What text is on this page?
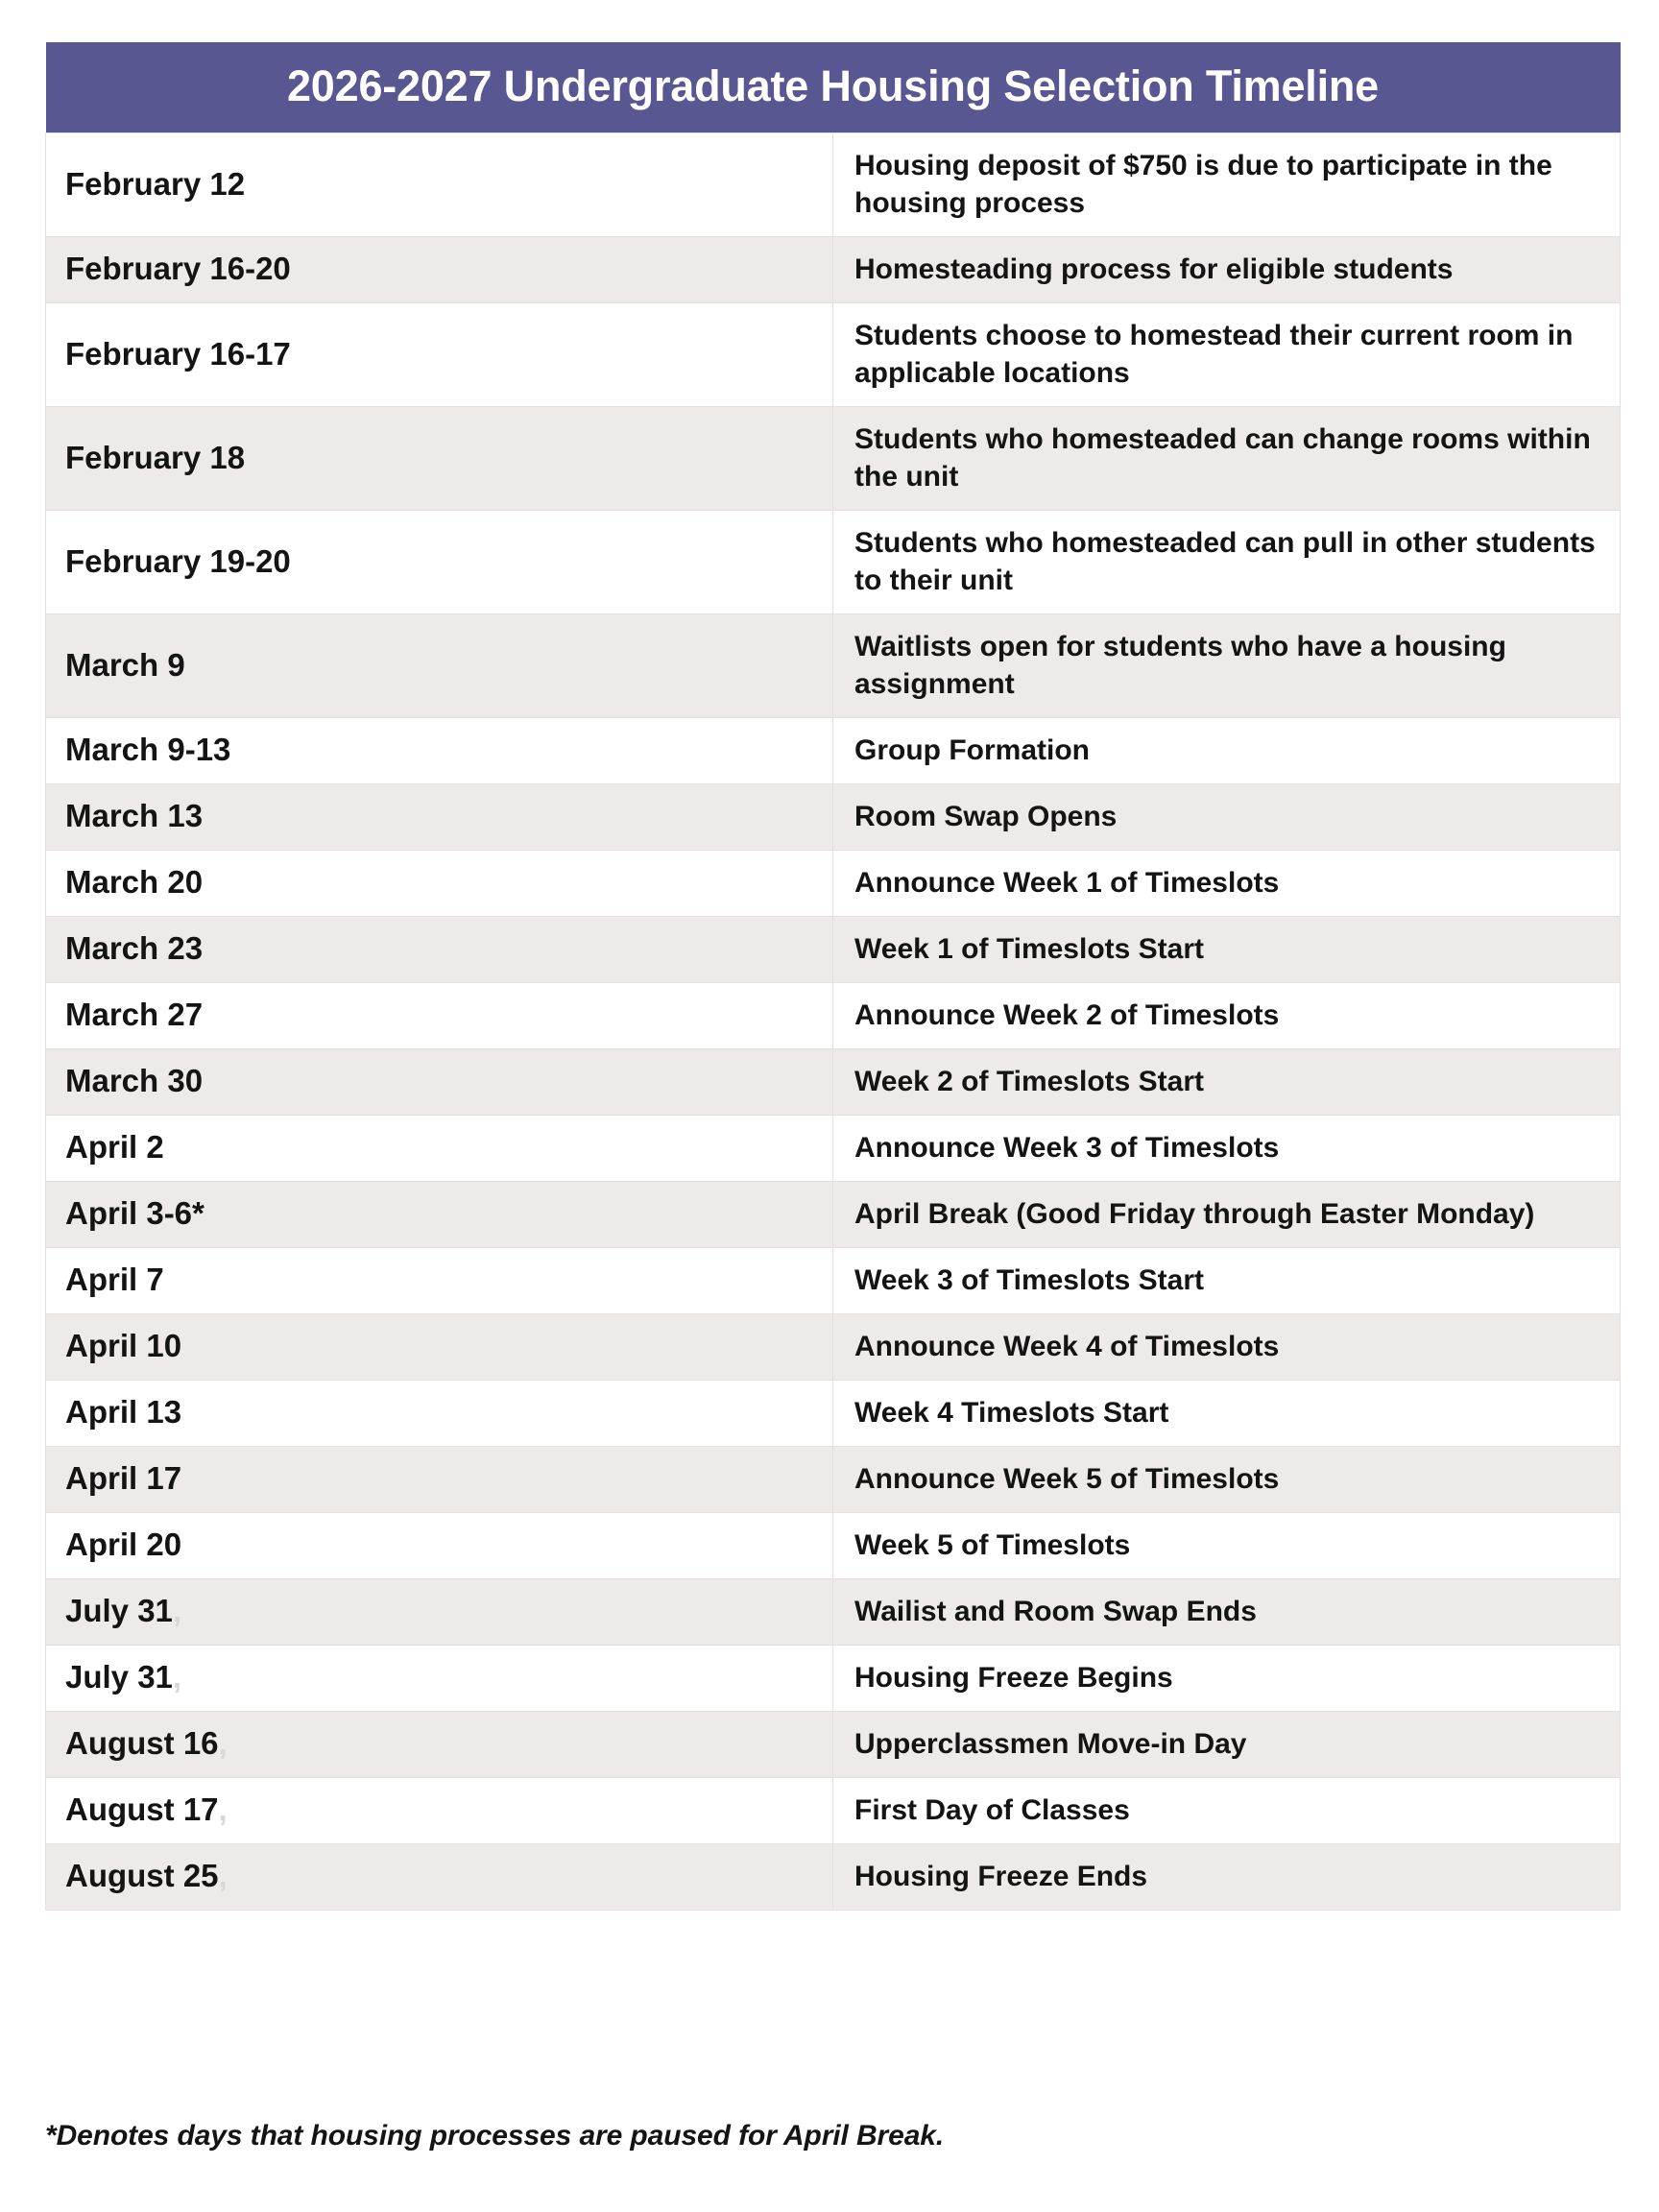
2026-2027 Undergraduate Housing Selection Timeline	
February 12	Housing deposit of $750 is due to participate in the housing process
February 16-20	Homesteading process for eligible students
February 16-17	Students choose to homestead their current room in applicable locations
February 18	Students who homesteaded can change rooms within the unit
February 19-20	Students who homesteaded can pull in other students to their unit
March 9	Waitlists open for students who have a housing assignment
March 9-13	Group Formation
March 13	Room Swap Opens
March 20	Announce Week 1 of Timeslots
March 23	Week 1 of Timeslots Start
March 27	Announce Week 2 of Timeslots
March 30	Week 2 of Timeslots Start
April 2	Announce Week 3 of Timeslots
April 3-6*	April Break (Good Friday through Easter Monday)
April 7	Week 3 of Timeslots Start
April 10	Announce Week 4 of Timeslots
April 13	Week 4 Timeslots Start
April 17	Announce Week 5 of Timeslots
April 20	Week 5 of Timeslots
July 31,	Wailist and Room Swap Ends
July 31,	Housing Freeze Begins
August 16,	Upperclassmen Move-in Day
August 17,	First Day of Classes
August 25,	Housing Freeze Ends
*Denotes days that housing processes are paused for April Break.
